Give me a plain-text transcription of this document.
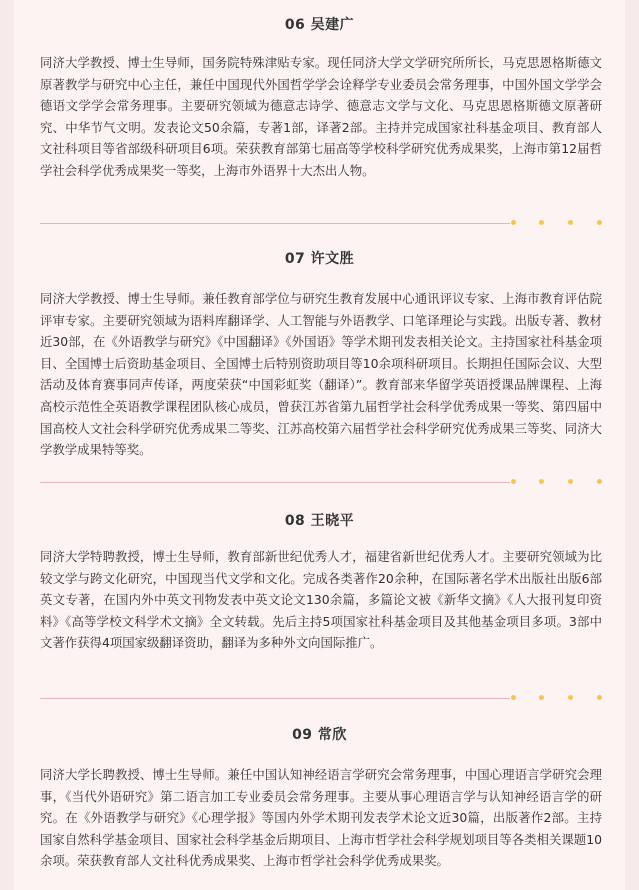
06 吴建广
同济大学教授、博士生导师，国务院特殊津贴专家。现任同济大学文学研究所所长，马克思恩格斯德文原著教学与研究中心主任，兼任中国现代外国哲学学会诠释学专业委员会常务理事，中国外国文学学会德语文学学会常务理事。主要研究领域为德意志诗学、德意志文学与文化、马克思恩格斯德文原著研究、中华节气文明。发表论文50余篇，专著1部，译著2部。主持并完成国家社科基金项目、教育部人文社科项目等省部级科研项目6项。荣获教育部第七届高等学校科学研究优秀成果奖，上海市第12届哲学社会科学优秀成果奖一等奖，上海市外语界十大杰出人物。
07 许文胜
同济大学教授、博士生导师。兼任教育部学位与研究生教育发展中心通讯评议专家、上海市教育评估院评审专家。主要研究领域为语料库翻译学、人工智能与外语教学、口笔译理论与实践。出版专著、教材近30部，在《外语教学与研究》《中国翻译》《外国语》等学术期刊发表相关论文。主持国家社科基金项目、全国博士后资助基金项目、全国博士后特别资助项目等10余项科研项目。长期担任国际会议、大型活动及体育赛事同声传译，两度荣获“中国彩虹奖（翻译）”。教育部来华留学英语授课品牌课程、上海高校示范性全英语教学课程团队核心成员，曾获江苏省第九届哲学社会科学优秀成果一等奖、第四届中国高校人文社会科学研究优秀成果二等奖、江苏高校第六届哲学社会科学研究优秀成果三等奖、同济大学教学成果特等奖。
08 王晓平
同济大学特聘教授，博士生导师，教育部新世纪优秀人才，福建省新世纪优秀人才。主要研究领域为比较文学与跨文化研究，中国现当代文学和文化。完成各类著作20余种，在国际著名学术出版社出版6部英文专著，在国内外中英文刊物发表中英文论文130余篇，多篇论文被《新华文摘》《人大报刊复印资料》《高等学校文科学术文摘》全文转载。先后主持5项国家社科基金项目及其他基金项目多项。3部中文著作获得4项国家级翻译资助，翻译为多种外文向国际推广。
09 常欣
同济大学长聘教授、博士生导师。兼任中国认知神经语言学研究会常务理事，中国心理语言学研究会理事，《当代外语研究》第二语言加工专业委员会常务理事。主要从事心理语言学与认知神经语言学的研究。在《外语教学与研究》《心理学报》等国内外学术期刊发表学术论文近30篇，出版著作2部。主持国家自然科学基金项目、国家社会科学基金后期项目、上海市哲学社会科学规划项目等各类相关课题10余项。荣获教育部人文社科优秀成果奖、上海市哲学社会科学优秀成果奖。
